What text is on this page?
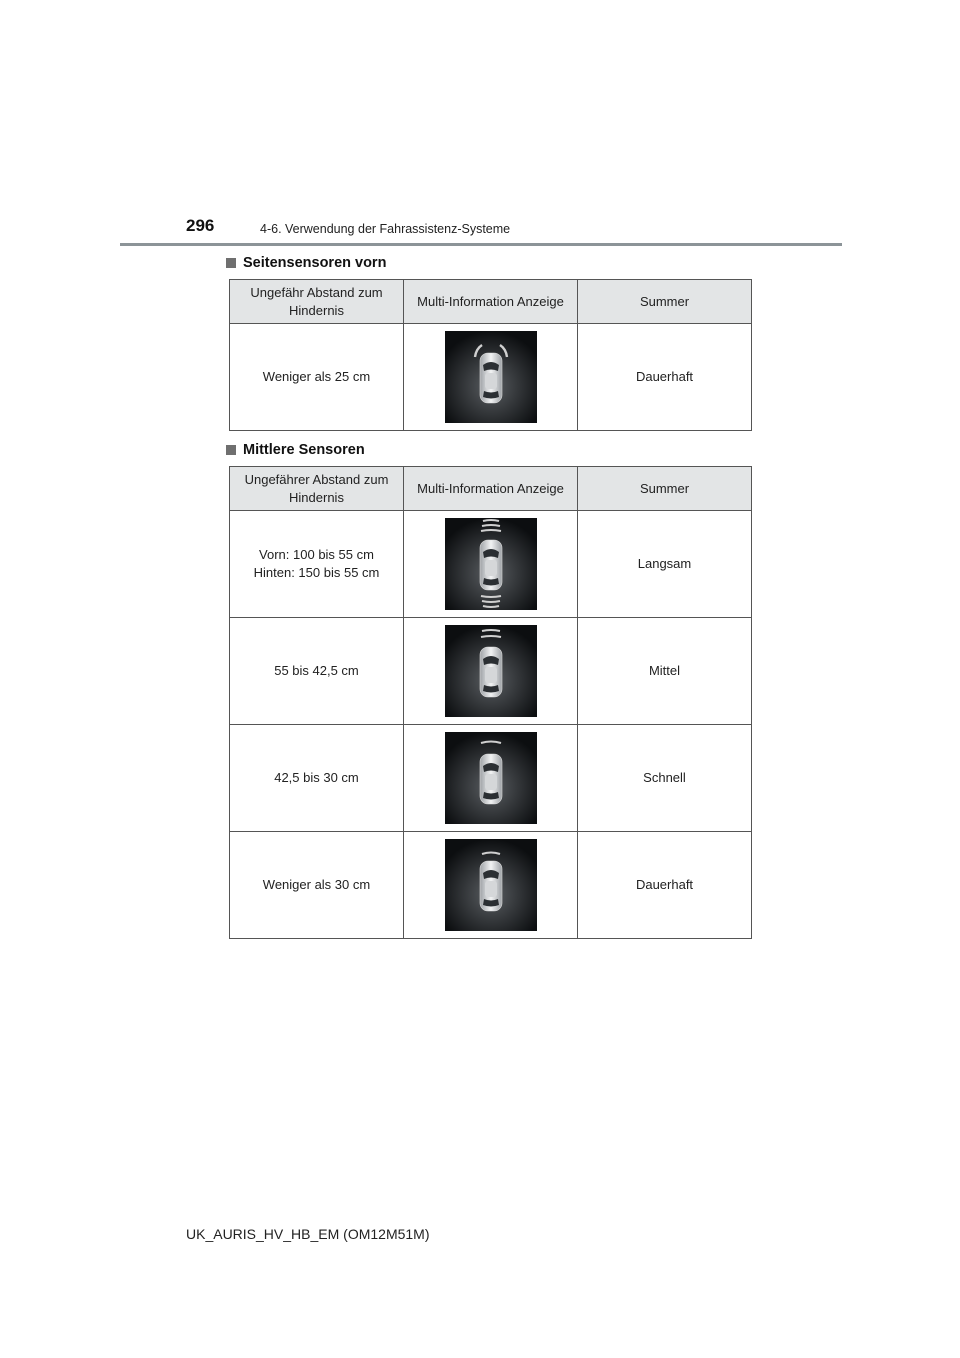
296	4-6. Verwendung der Fahrassistenz-Systeme
Seitensensoren vorn
Ungefähr Abstand zum Hindernis	Multi-Information Anzeige	Summer
Weniger als 25 cm		Dauerhaft
Mittlere Sensoren
Ungefährer Abstand zum Hindernis	Multi-Information Anzeige	Summer

Vorn: 100 bis 55 cm
Hinten: 150 bis 55 cm		Langsam
55 bis 42,5 cm		Mittel
42,5 bis 30 cm		Schnell
Weniger als 30 cm		Dauerhaft
UK_AURIS_HV_HB_EM (OM12M51M)
